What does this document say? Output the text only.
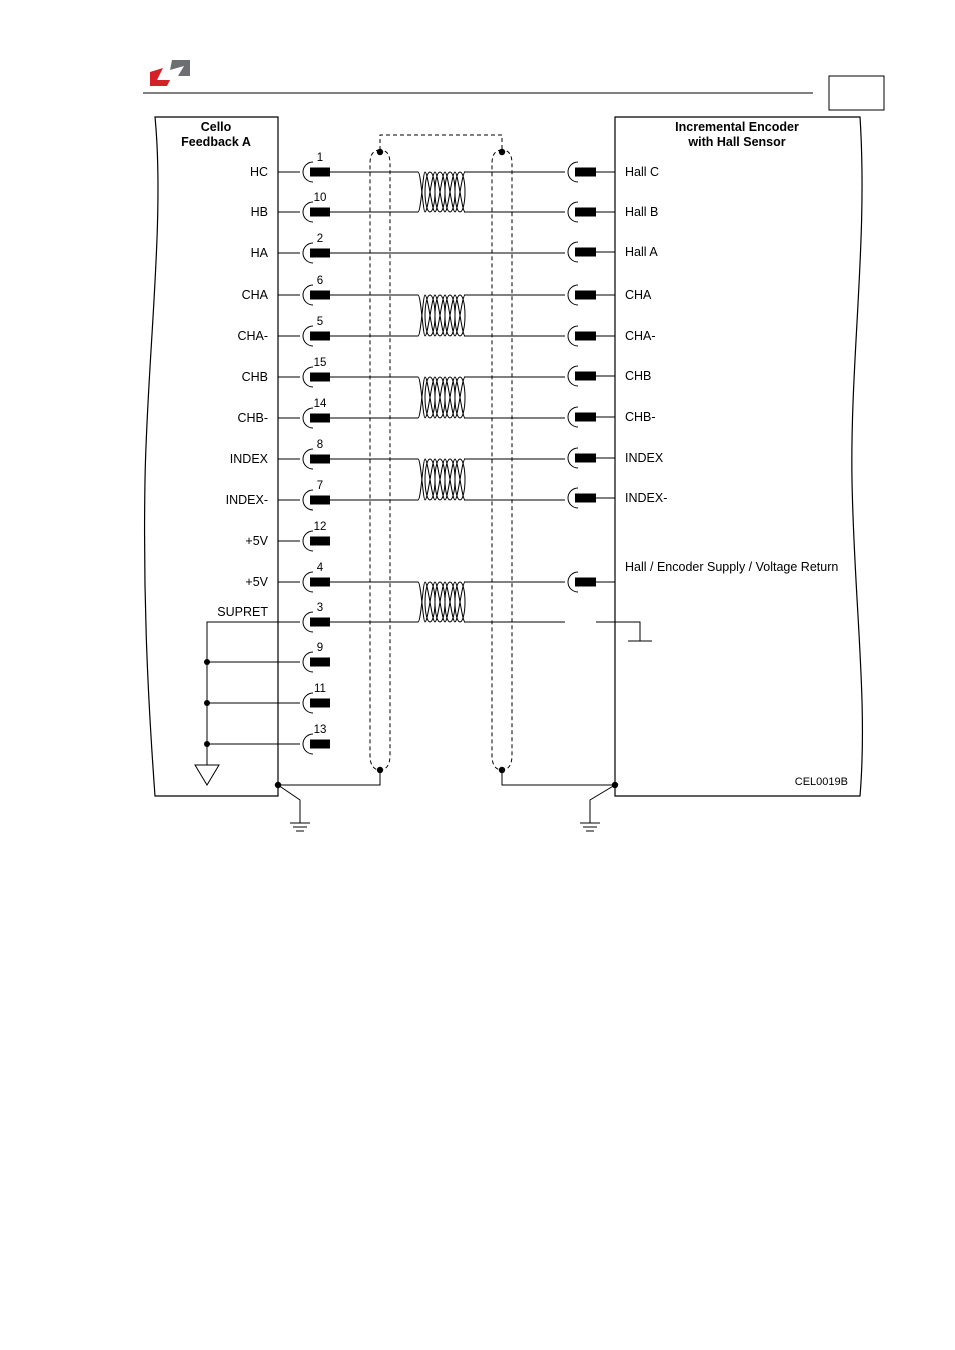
1
HC
10
HB
2
HA
6
CHA
5
CHA-
15
CHB
14
CHB-
8
INDEX
7
INDEX-
12
+5V
4
+5V
3
SUPRET
9
11
13
Hall C
Hall B
Hall A
CHA
CHA-
CHB
CHB-
INDEX
INDEX-
Hall / Encoder Supply / Voltage Return
Cello
Feedback A
Incremental Encoder
with Hall Sensor
CEL0019B
